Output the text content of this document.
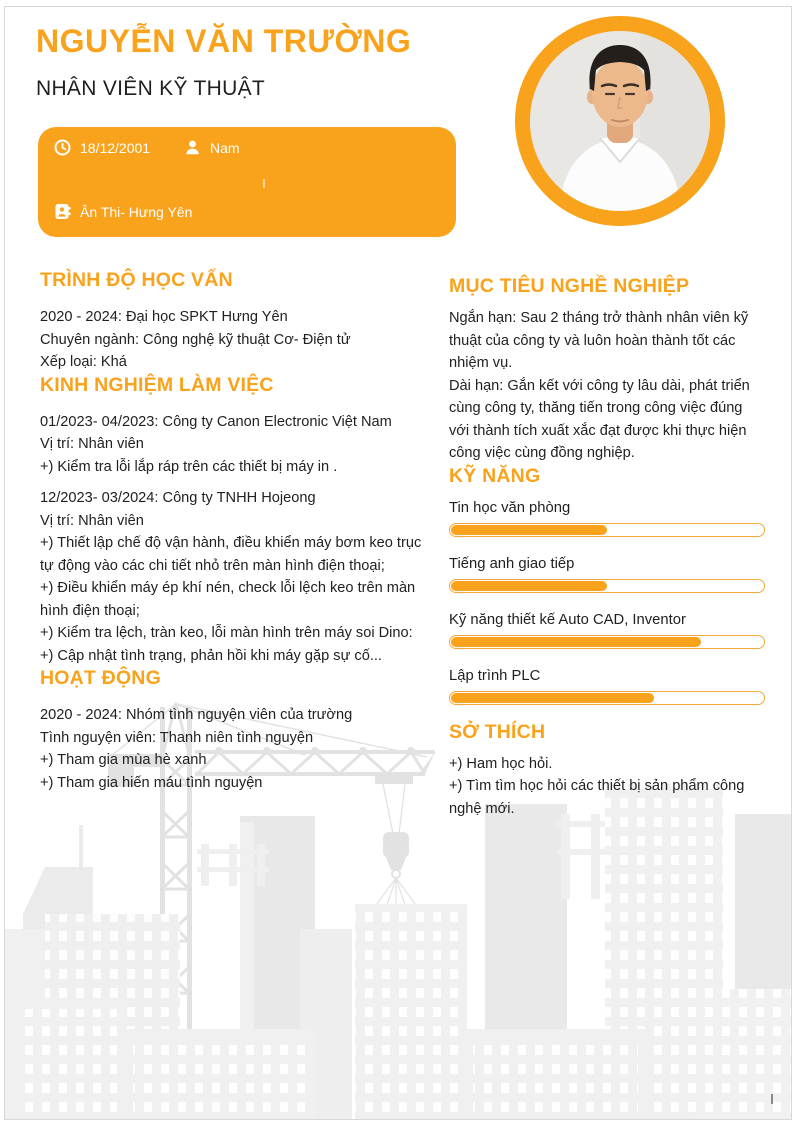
NGUYỄN VĂN TRƯỜNG
NHÂN VIÊN KỸ THUẬT
18/12/2001	Nam
Ân Thi- Hưng Yên
TRÌNH ĐỘ HỌC VẤN
2020 - 2024: Đại học SPKT Hưng Yên
Chuyên ngành: Công nghệ kỹ thuật Cơ- Điện tử
Xếp loại: Khá
KINH NGHIỆM LÀM VIỆC
01/2023- 04/2023: Công ty Canon Electronic Việt Nam
Vị trí: Nhân viên
+) Kiểm tra lỗi lắp ráp trên các thiết bị máy in .
12/2023- 03/2024: Công ty TNHH Hojeong
Vị trí: Nhân viên
+) Thiết lập chế độ vận hành, điều khiển máy bơm keo trục tự động vào các chi tiết nhỏ trên màn hình điện thoại;
+) Điều khiển máy ép khí nén, check lỗi lệch keo trên màn hình điện thoại;
+) Kiểm tra lệch, tràn keo, lỗi màn hình trên máy soi Dino:
+) Cập nhật tình trạng, phản hồi khi máy gặp sự cố...
HOẠT ĐỘNG
2020 - 2024: Nhóm tình nguyện viên của trường
Tình nguyện viên: Thanh niên tình nguyện
+) Tham gia mùa hè xanh
+) Tham gia hiến máu tình nguyện
MỤC TIÊU NGHỀ NGHIỆP
Ngắn hạn: Sau 2 tháng trở thành nhân viên kỹ thuật của công ty và luôn hoàn thành tốt các nhiệm vụ.
Dài hạn: Gắn kết với công ty lâu dài, phát triển cùng công ty, thăng tiến trong công việc đúng với thành tích xuất xắc đạt được khi thực hiện công việc cùng đồng nghiệp.
KỸ NĂNG
Tin học văn phòng
Tiếng anh giao tiếp
Kỹ năng thiết kế Auto CAD, Inventor
Lập trình PLC
SỞ THÍCH
+) Ham học hỏi.
+) Tìm tìm học hỏi các thiết bị sản phẩm công nghệ mới.
